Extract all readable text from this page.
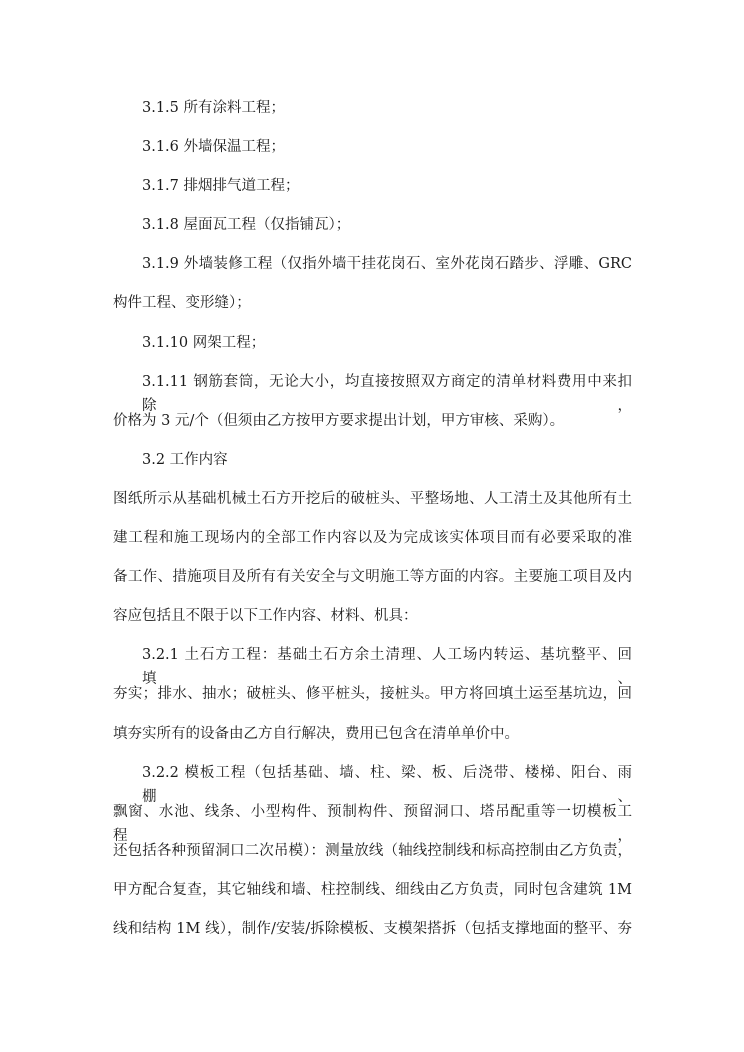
3.1.5 所有涂料工程；
3.1.6 外墙保温工程；
3.1.7 排烟排气道工程；
3.1.8 屋面瓦工程（仅指铺瓦）；
3.1.9 外墙装修工程（仅指外墙干挂花岗石、室外花岗石踏步、浮雕、GRC
构件工程、变形缝）；
3.1.10 网架工程；
3.1.11 钢筋套筒，无论大小，均直接按照双方商定的清单材料费用中来扣除，
价格为 3 元/个（但须由乙方按甲方要求提出计划，甲方审核、采购）。
3.2 工作内容
图纸所示从基础机械土石方开挖后的破桩头、平整场地、人工清土及其他所有土
建工程和施工现场内的全部工作内容以及为完成该实体项目而有必要采取的准
备工作、措施项目及所有有关安全与文明施工等方面的内容。主要施工项目及内
容应包括且不限于以下工作内容、材料、机具：
3.2.1 土石方工程：基础土石方余土清理、人工场内转运、基坑整平、回填、
夯实；排水、抽水；破桩头、修平桩头，接桩头。甲方将回填土运至基坑边，回
填夯实所有的设备由乙方自行解决，费用已包含在清单单价中。
3.2.2 模板工程（包括基础、墙、柱、梁、板、后浇带、楼梯、阳台、雨棚、
飘窗、水池、线条、小型构件、预制构件、预留洞口、塔吊配重等一切模板工程，
还包括各种预留洞口二次吊模）：测量放线（轴线控制线和标高控制由乙方负责，
甲方配合复查，其它轴线和墙、柱控制线、细线由乙方负责，同时包含建筑 1M
线和结构 1M 线），制作/安装/拆除模板、支模架搭拆（包括支撑地面的整平、夯
